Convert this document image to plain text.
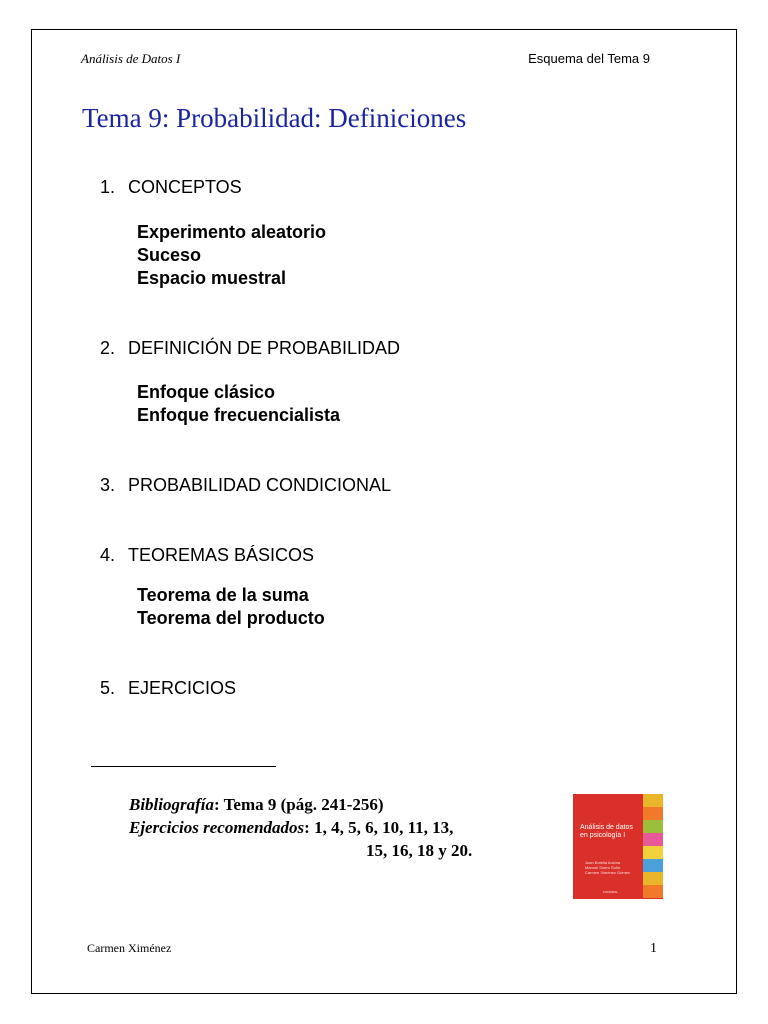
Análisis de Datos I	Esquema del Tema 9
Tema 9: Probabilidad: Definiciones
1. CONCEPTOS
Experimento aleatorio
Suceso
Espacio muestral
2. DEFINICIÓN DE PROBABILIDAD
Enfoque clásico
Enfoque frecuencialista
3. PROBABILIDAD CONDICIONAL
4. TEOREMAS BÁSICOS
Teorema de la suma
Teorema del producto
5. EJERCICIOS
Bibliografía: Tema 9 (pág. 241-256)
Ejercicios recomendados: 1, 4, 5, 6, 10, 11, 13,
15, 16, 18 y 20.
Análisis de datos en psicología I
Juan Botella Ausina
Manuel Suero Suñe
Carmen Ximénez Gómez
PIRÁMIDE
Carmen Ximénez	1
